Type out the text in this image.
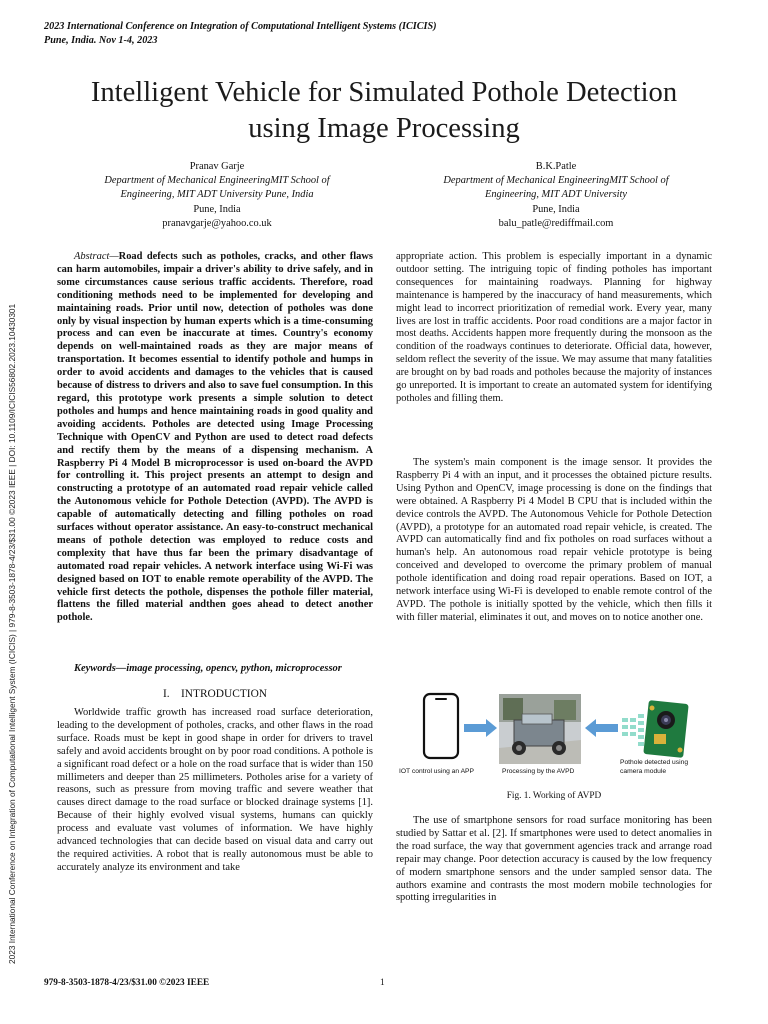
2023 International Conference on Integration of Computational Intelligent Systems (ICICIS)
Pune, India. Nov 1-4, 2023
Intelligent Vehicle for Simulated Pothole Detection
using Image Processing
Pranav Garje
Department of Mechanical EngineeringMIT School of
Engineering, MIT ADT University Pune, India
Pune, India
pranavgarje@yahoo.co.uk
B.K.Patle
Department of Mechanical EngineeringMIT School of
Engineering, MIT ADT University
Pune, India
balu_patle@rediffmail.com

Abstract—Road defects such as potholes, cracks, and other flaws can harm automobiles, impair a driver's ability to drive safely, and in some circumstances cause serious traffic accidents. Therefore, road conditioning methods need to be implemented for developing and maintaining roads. Prior until now, detection of potholes was done only by visual inspection by human experts which is a time-consuming process and can even be inaccurate at times. Country's economy depends on well-maintained roads as they are major means of transportation. It becomes essential to identify pothole and humps in order to avoid accidents and damages to the vehicles that is caused because of distress to drivers and also to save fuel consumption. In this regard, this prototype work presents a simple solution to detect potholes and humps and hence maintaining roads in good quality and avoiding accidents. Potholes are detected using Image Processing Technique with OpenCV and Python are used to detect road defects and rectify them by the means of a dispensing mechanism. A Raspberry Pi 4 Model B microprocessor is used on-board the AVPD for controlling it. This project presents an attempt to design and constructing a prototype of an automated road repair vehicle called the Autonomous vehicle for Pothole Detection (AVPD). The AVPD is capable of automatically detecting and filling potholes on road surfaces without operator assistance. An easy-to-construct mechanical means of pothole detection was employed to reduce costs and complexity that have thus far been the primary disadvantage of automated road repair vehicles. A network interface using Wi-Fi was designed based on IOT to enable remote operability of the AVPD. The vehicle first detects the pothole, dispenses the pothole filler material, flattens the filled material andthen goes ahead to detect another pothole.

Keywords—image processing, opencv, python, microprocessor
I. INTRODUCTION

Worldwide traffic growth has increased road surface deterioration, leading to the development of potholes, cracks, and other flaws in the road surface. Roads must be kept in good shape in order for drivers to travel safely and avoid accidents brought on by poor road conditions. A pothole is a significant road defect or a hole on the road surface that is wider than 150 millimeters and deeper than 25 millimeters. Potholes arise for a variety of reasons, such as pressure from moving traffic and severe weather that causes direct damage to the road surface or blocked drainage systems [1]. Because of their highly evolved visual systems, humans can quickly process and evaluate vast volumes of information. We have highly advanced technologies that can decide based on visual data and carry out the required activities. A robot that is really autonomous must be able to accurately analyze its environment and take

appropriate action. This problem is especially important in a dynamic outdoor setting. The intriguing topic of finding potholes has important consequences for maintaining roadways. Planning for highway maintenance is hampered by the inaccuracy of hand measurements, which might lead to incorrect prioritization of remedial work. Every year, many lives are lost in traffic accidents. Poor road conditions are a major factor in most deaths. Accidents happen more frequently during the monsoon as the condition of the roadways continues to deteriorate. Official data, however, seldom reflect the severity of the issue. We may assume that many fatalities are brought on by bad roads and potholes because the majority of instances go unreported. It is important to create an automated system for identifying potholes and filling them.

The system's main component is the image sensor. It provides the Raspberry Pi 4 with an input, and it processes the obtained picture results. Using Python and OpenCV, image processing is done on the findings that were obtained. A Raspberry Pi 4 Model B CPU that is included within the device controls the AVPD. The Autonomous Vehicle for Pothole Detection (AVPD), a prototype for an automated road repair vehicle, is created. The AVPD can automatically find and fix potholes on road surfaces without a human's help. An autonomous road repair vehicle prototype is being conceived and developed to overcome the primary problem of manual pothole identification and doing road repair operations. Based on IOT, a network interface using Wi-Fi is developed to enable remote control of the AVPD. The pothole is initially spotted by the vehicle, which then fills it with filler material, eliminates it out, and moves on to notice another one.

IOT control using an APP	Processing by the AVPD
Pothole detected using
camera module
Fig. 1. Working of AVPD

The use of smartphone sensors for road surface monitoring has been studied by Sattar et al. [2]. If smartphones were used to detect anomalies in the road surface, the way that government agencies track and arrange road repair may change. Poor detection accuracy is caused by the low frequency of modern smartphone sensors and the under sampled sensor data. The authors examine and contrasts the most modern mobile technologies for spotting irregularities in

2023 International Conference on Integration of Computational Intelligent System (ICICIS) | 979-8-3503-1878-4/23/$31.00 ©2023 IEEE | DOI: 10.1109/ICICIS56802.2023.10430301
979-8-3503-1878-4/23/$31.00 ©2023 IEEE	1
